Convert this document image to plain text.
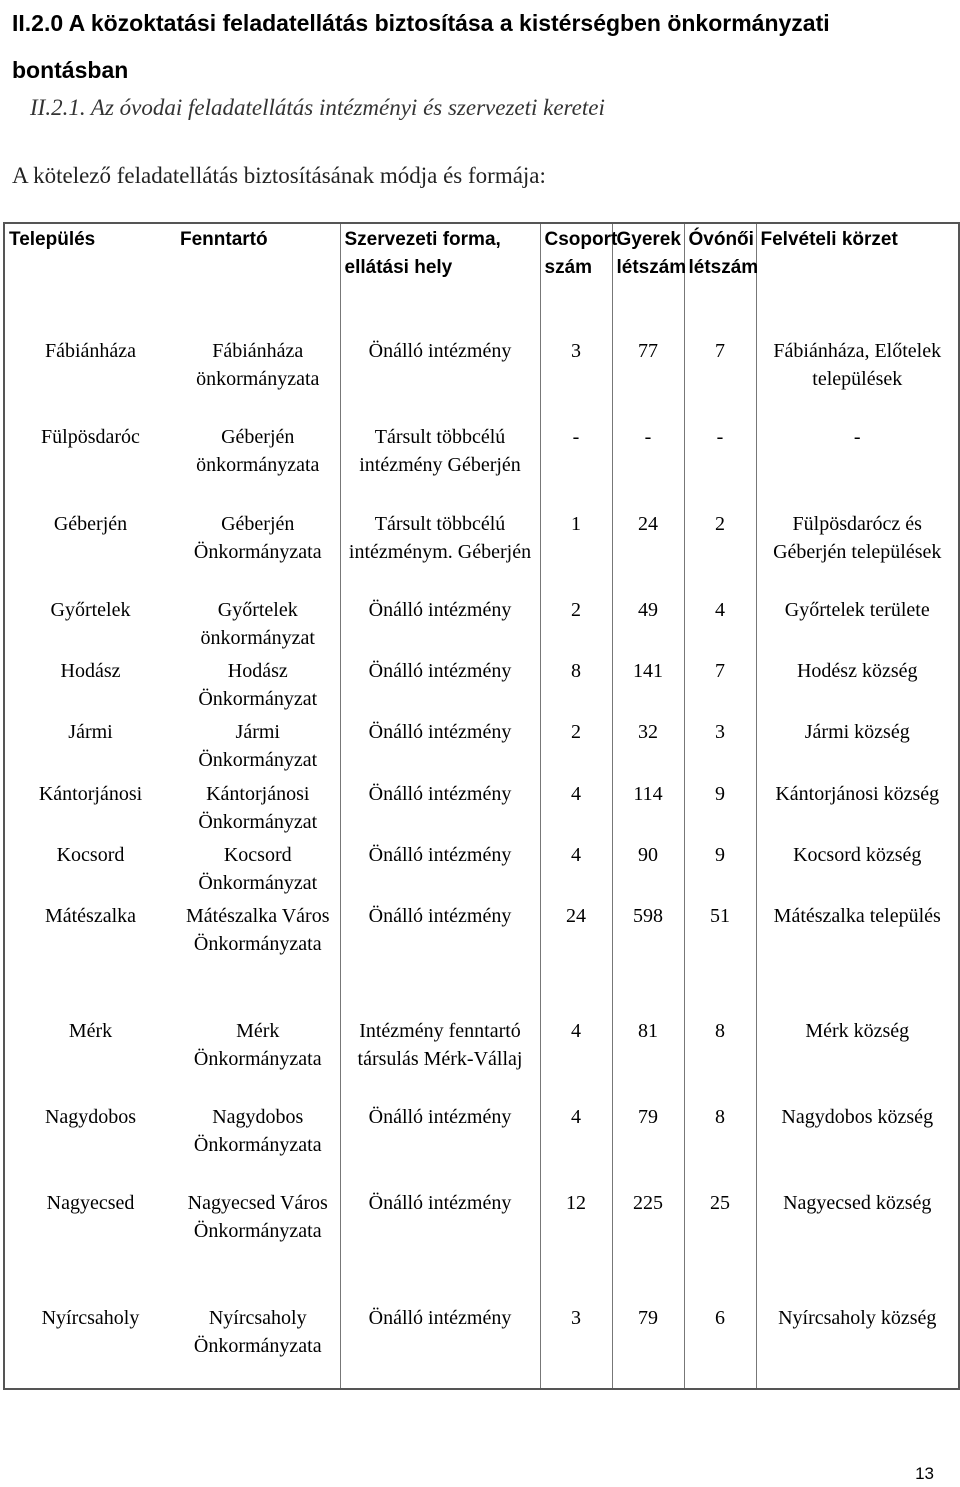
II.2.0 A közoktatási feladatellátás biztosítása a kistérségben önkormányzati bontásban
II.2.1. Az óvodai feladatellátás intézményi és szervezeti keretei
A kötelező feladatellátás biztosításának módja és formája:
Település	Fenntartó	Szervezeti forma, ellátási hely	Csoport szám	Gyerek létszám	Óvónői létszám	Felvételi körzet
Fábiánháza	Fábiánháza önkormányzata	Önálló intézmény	3	77	7	Fábiánháza, Előtelek települések
Fülpösdaróc	Géberjén önkormányzata	Társult többcélú intézmény Géberjén	-	-	-	-
Géberjén	Géberjén Önkormányzata	Társult többcélú intézménym. Géberjén	1	24	2	Fülpösdarócz és Géberjén települések
Győrtelek	Győrtelek önkormányzat	Önálló intézmény	2	49	4	Győrtelek területe
Hodász	Hodász Önkormányzat	Önálló intézmény	8	141	7	Hodész község
Jármi	Jármi Önkormányzat	Önálló intézmény	2	32	3	Jármi község
Kántorjánosi	Kántorjánosi Önkormányzat	Önálló intézmény	4	114	9	Kántorjánosi község
Kocsord	Kocsord Önkormányzat	Önálló intézmény	4	90	9	Kocsord község
Mátészalka	Mátészalka Város Önkormányzata	Önálló intézmény	24	598	51	Mátészalka település
Mérk	Mérk Önkormányzata	Intézmény fenntartó társulás Mérk-Vállaj	4	81	8	Mérk község
Nagydobos	Nagydobos Önkormányzata	Önálló intézmény	4	79	8	Nagydobos község
Nagyecsed	Nagyecsed Város Önkormányzata	Önálló intézmény	12	225	25	Nagyecsed község
Nyírcsaholy	Nyírcsaholy Önkormányzata	Önálló intézmény	3	79	6	Nyírcsaholy község
13
